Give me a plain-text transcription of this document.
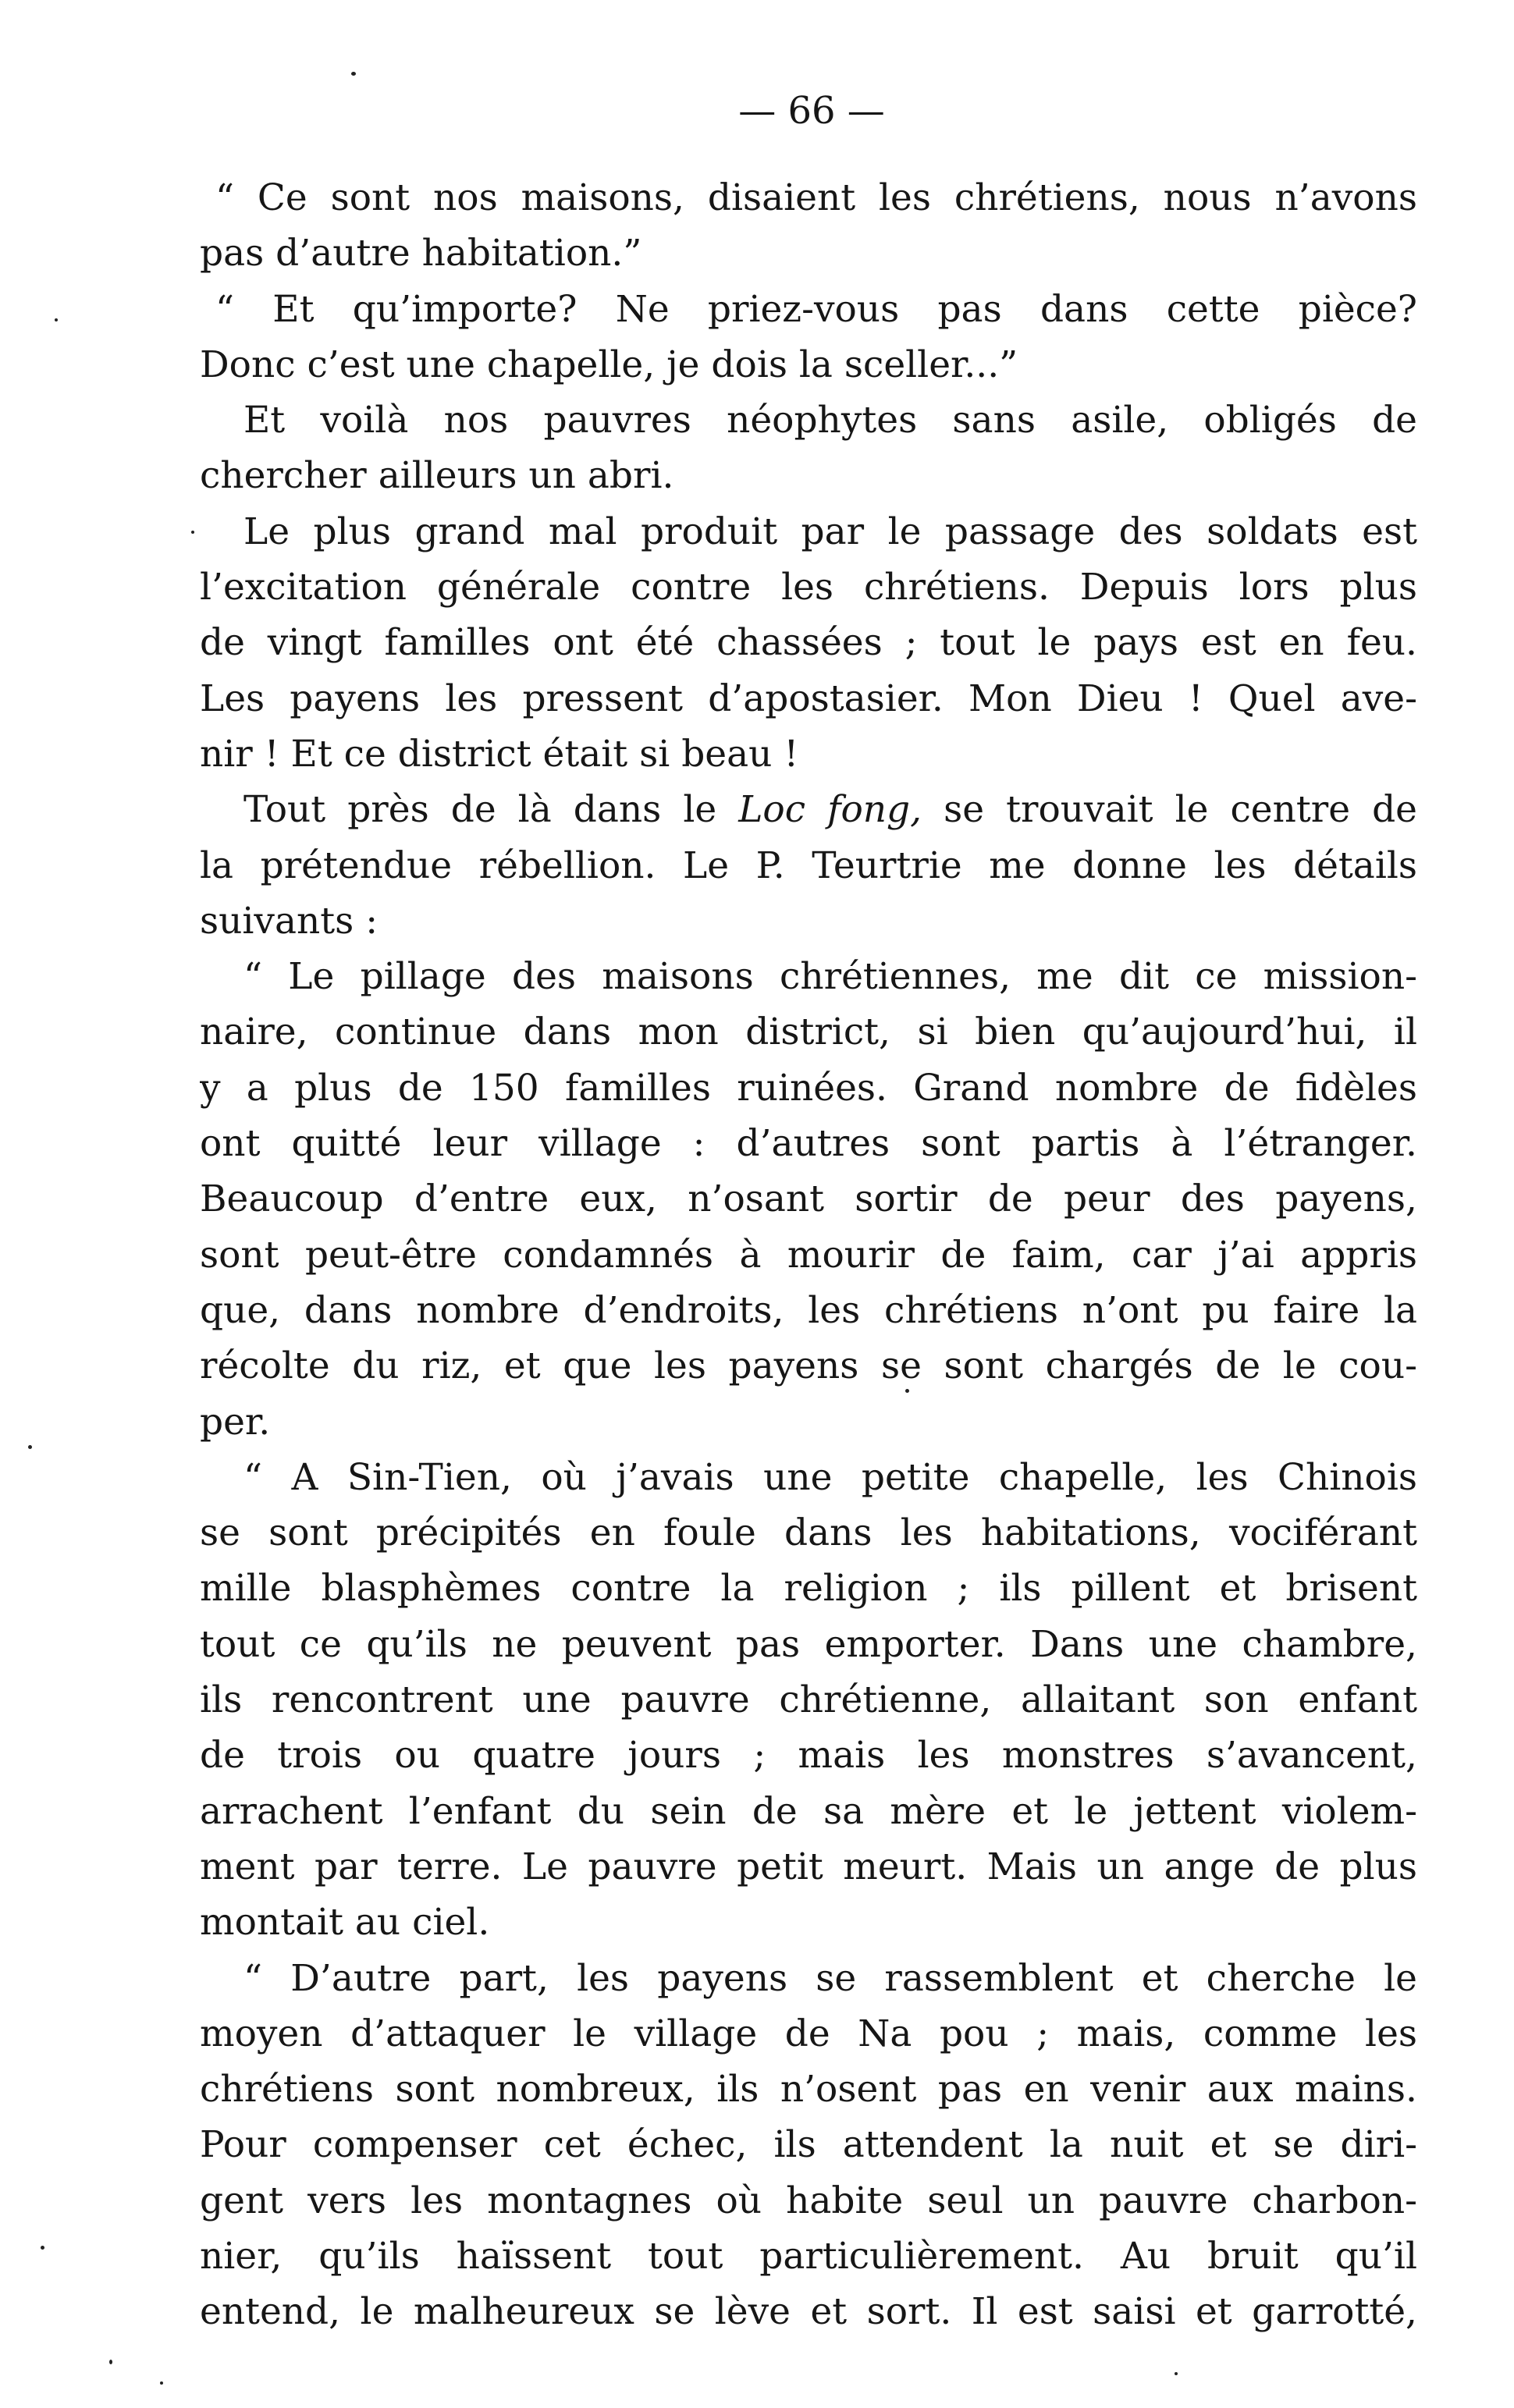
— 66 —
“ Ce sont nos maisons, disaient les chrétiens, nous n’avons
pas d’autre habitation.”
“ Et qu’importe? Ne priez-vous pas dans cette pièce?
Donc c’est une chapelle, je dois la sceller...”
Et voilà nos pauvres néophytes sans asile, obligés de
chercher ailleurs un abri.
Le plus grand mal produit par le passage des soldats est
l’excitation générale contre les chrétiens. Depuis lors plus
de vingt familles ont été chassées ; tout le pays est en feu.
Les payens les pressent d’apostasier. Mon Dieu ! Quel ave-
nir ! Et ce district était si beau !
Tout près de là dans le Loc fong, se trouvait le centre de
la prétendue rébellion. Le P. Teurtrie me donne les détails
suivants :
“ Le pillage des maisons chrétiennes, me dit ce mission-
naire, continue dans mon district, si bien qu’aujourd’hui, il
y a plus de 150 familles ruinées. Grand nombre de fidèles
ont quitté leur village : d’autres sont partis à l’étranger.
Beaucoup d’entre eux, n’osant sortir de peur des payens,
sont peut-être condamnés à mourir de faim, car j’ai appris
que, dans nombre d’endroits, les chrétiens n’ont pu faire la
récolte du riz, et que les payens se sont chargés de le cou-
per.
“ A Sin-Tien, où j’avais une petite chapelle, les Chinois
se sont précipités en foule dans les habitations, vociférant
mille blasphèmes contre la religion ; ils pillent et brisent
tout ce qu’ils ne peuvent pas emporter. Dans une chambre,
ils rencontrent une pauvre chrétienne, allaitant son enfant
de trois ou quatre jours ; mais les monstres s’avancent,
arrachent l’enfant du sein de sa mère et le jettent violem-
ment par terre. Le pauvre petit meurt. Mais un ange de plus
montait au ciel.
“ D’autre part, les payens se rassemblent et cherche le
moyen d’attaquer le village de Na pou ; mais, comme les
chrétiens sont nombreux, ils n’osent pas en venir aux mains.
Pour compenser cet échec, ils attendent la nuit et se diri-
gent vers les montagnes où habite seul un pauvre charbon-
nier, qu’ils haïssent tout particulièrement. Au bruit qu’il
entend, le malheureux se lève et sort. Il est saisi et garrotté,
